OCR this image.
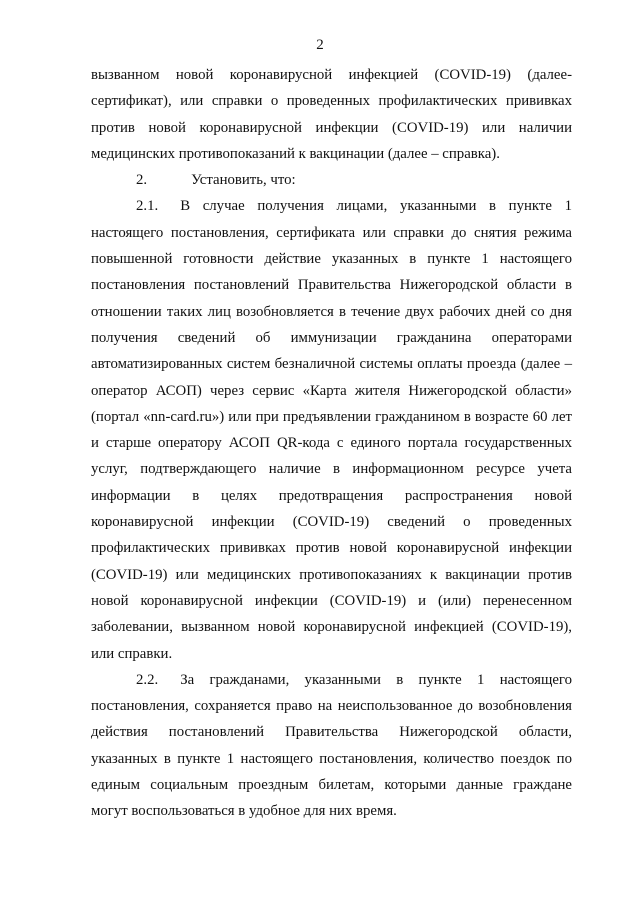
2

вызванном новой коронавирусной инфекцией (COVID-19) (далее-сертификат), или справки о проведенных профилактических прививках против новой коронавирусной инфекции (COVID-19) или наличии медицинских противопоказаний к вакцинации (далее – справка).

2.	Установить, что:

2.1. В случае получения лицами, указанными в пункте 1 настоящего постановления, сертификата или справки до снятия режима повышенной готовности действие указанных в пункте 1 настоящего постановления постановлений Правительства Нижегородской области в отношении таких лиц возобновляется в течение двух рабочих дней со дня получения сведений об иммунизации гражданина операторами автоматизированных систем безналичной системы оплаты проезда (далее – оператор АСОП) через сервис «Карта жителя Нижегородской области» (портал «nn-card.ru») или при предъявлении гражданином в возрасте 60 лет и старше оператору АСОП QR-кода с единого портала государственных услуг, подтверждающего наличие в информационном ресурсе учета информации в целях предотвращения распространения новой коронавирусной инфекции (COVID-19) сведений о проведенных профилактических прививках против новой коронавирусной инфекции (COVID-19) или медицинских противопоказаниях к вакцинации против новой коронавирусной инфекции (COVID-19) и (или) перенесенном заболевании, вызванном новой коронавирусной инфекцией (COVID-19), или справки.

2.2. За гражданами, указанными в пункте 1 настоящего постановления, сохраняется право на неиспользованное до возобновления действия постановлений Правительства Нижегородской области, указанных в пункте 1 настоящего постановления, количество поездок по единым социальным проездным билетам, которыми данные граждане могут воспользоваться в удобное для них время.
